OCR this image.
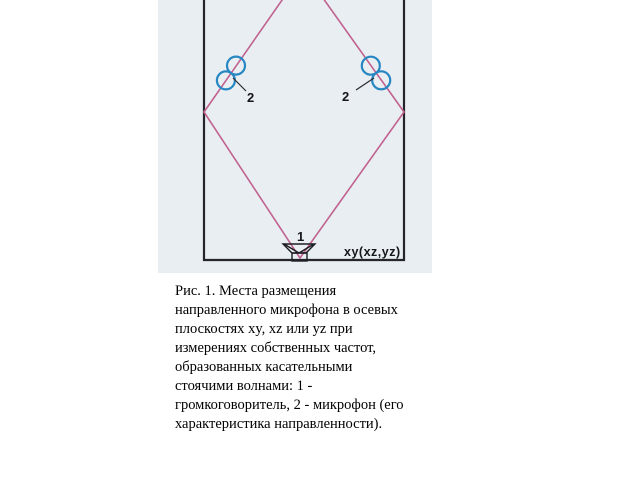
1
2	2
xy(xz,yz)
Рис. 1. Места размещения
направленного микрофона в осевых
плоскостях xy, xz или yz при
измерениях собственных частот,
образованных касательными
стоячими волнами: 1 -
громкоговоритель, 2 - микрофон (его
характеристика направленности).
